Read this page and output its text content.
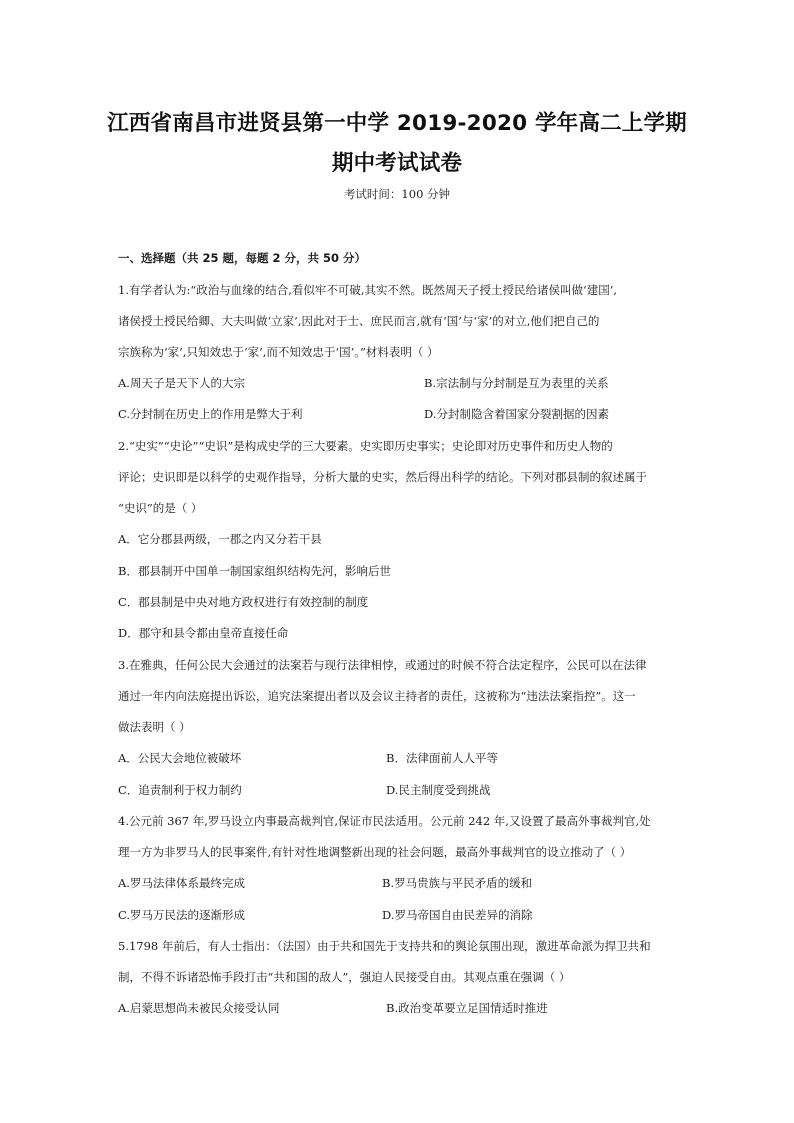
江西省南昌市进贤县第一中学 2019-2020 学年高二上学期
期中考试试卷
考试时间：100 分钟
一、选择题（共 25 题，每题 2 分，共 50 分）
1.有学者认为:“政治与血缘的结合,看似牢不可破,其实不然。既然周天子授土授民给诸侯叫做‘建国’,
诸侯授土授民给卿、大夫叫做‘立家’,因此对于士、庶民而言,就有‘国’与‘家’的对立,他们把自己的
宗族称为‘家’,只知效忠于‘家’,而不知效忠于‘国’。”材料表明（ ）
A.周天子是天下人的大宗	B.宗法制与分封制是互为表里的关系
C.分封制在历史上的作用是弊大于利	D.分封制隐含着国家分裂割据的因素
2.“史实”“史论”“史识”是构成史学的三大要素。史实即历史事实；史论即对历史事件和历史人物的
评论；史识即是以科学的史观作指导，分析大量的史实，然后得出科学的结论。下列对郡县制的叙述属于
“史识”的是（ ）
A．它分郡县两级，一郡之内又分若干县
B．郡县制开中国单一制国家组织结构先河，影响后世
C．郡县制是中央对地方政权进行有效控制的制度
D．郡守和县令都由皇帝直接任命
3.在雅典，任何公民大会通过的法案若与现行法律相悖，或通过的时候不符合法定程序，公民可以在法律
通过一年内向法庭提出诉讼，追究法案提出者以及会议主持者的责任，这被称为“违法法案指控”。这一
做法表明（ ）
A．公民大会地位被破坏	B．法律面前人人平等
C．追责制利于权力制约	D.民主制度受到挑战
4.公元前 367 年,罗马设立内事最高裁判官,保证市民法适用。公元前 242 年,又设置了最高外事裁判官,处
理一方为非罗马人的民事案件,有针对性地调整新出现的社会问题，最高外事裁判官的设立推动了（ ）
A.罗马法律体系最终完成	B.罗马贵族与平民矛盾的缓和
C.罗马万民法的逐渐形成	D.罗马帝国自由民差异的消除
5.1798 年前后，有人士指出：（法国）由于共和国先于支持共和的舆论氛围出现，激进革命派为捍卫共和
制，不得不诉诸恐怖手段打击“共和国的敌人”，强迫人民接受自由。其观点重在强调（ ）
A.启蒙思想尚未被民众接受认同	B.政治变革要立足国情适时推进
